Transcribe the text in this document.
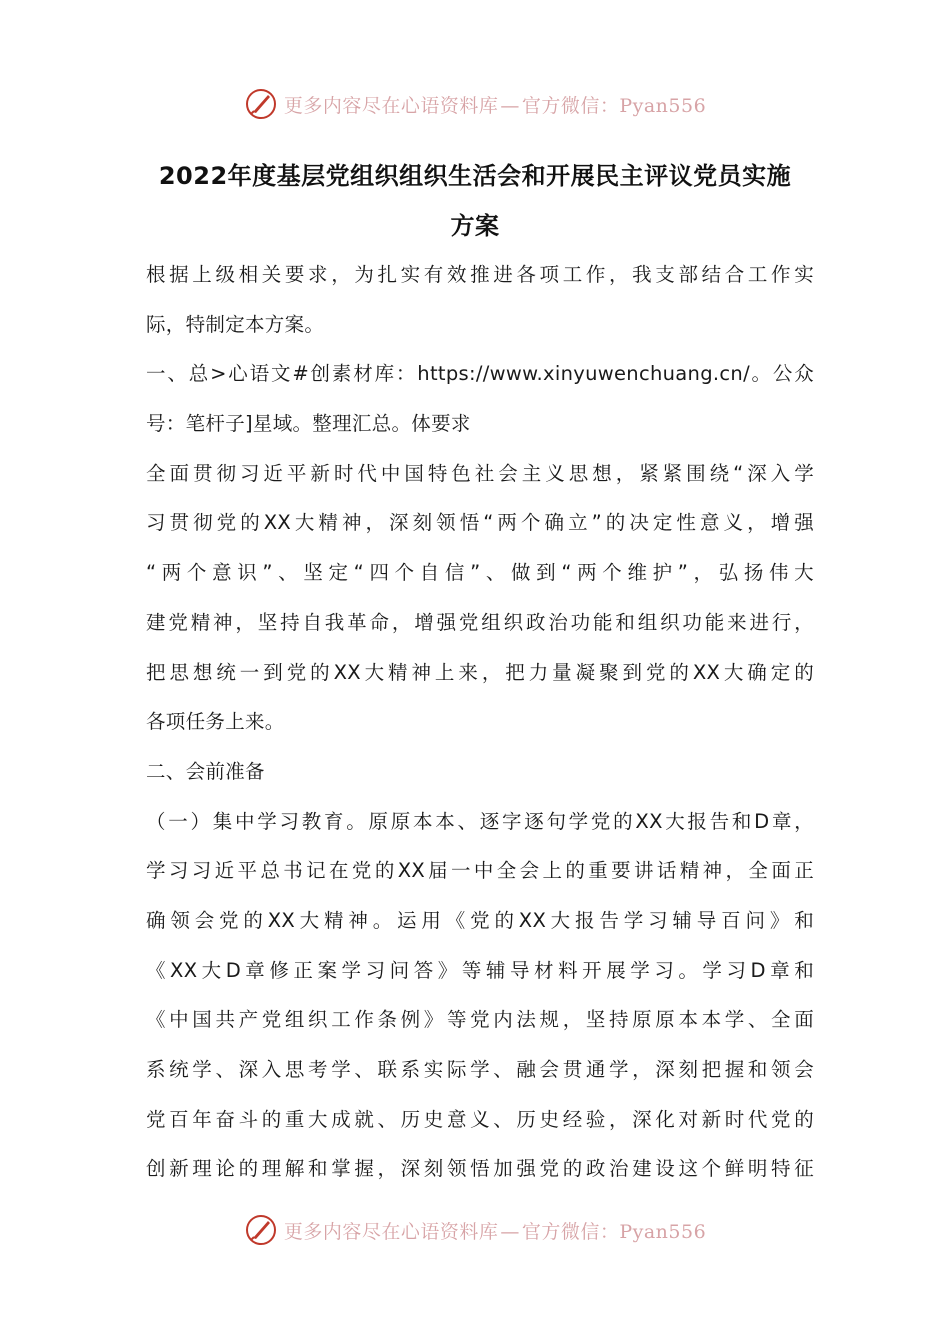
更多内容尽在心语资料库 — 官方微信：Pyan556
2022年度基层党组织组织生活会和开展民主评议党员实施
方案
根据上级相关要求，为扎实有效推进各项工作，我支部结合工作实
际，特制定本方案。
一、总>心语文#创素材库：https://www.xinyuwenchuang.cn/。公众
号：笔杆子]星域。整理汇总。体要求
全面贯彻习近平新时代中国特色社会主义思想，紧紧围绕“深入学
习贯彻党的XX大精神，深刻领悟“两个确立”的决定性意义，增强
“两个意识”、坚定“四个自信”、做到“两个维护”，弘扬伟大
建党精神，坚持自我革命，增强党组织政治功能和组织功能来进行，
把思想统一到党的XX大精神上来，把力量凝聚到党的XX大确定的
各项任务上来。
二、会前准备
（一）集中学习教育。原原本本、逐字逐句学党的XX大报告和D章，
学习习近平总书记在党的XX届一中全会上的重要讲话精神，全面正
确领会党的XX大精神。运用《党的XX大报告学习辅导百问》和
《XX大D章修正案学习问答》等辅导材料开展学习。学习D章和
《中国共产党组织工作条例》等党内法规，坚持原原本本学、全面
系统学、深入思考学、联系实际学、融会贯通学，深刻把握和领会
党百年奋斗的重大成就、历史意义、历史经验，深化对新时代党的
创新理论的理解和掌握，深刻领悟加强党的政治建设这个鲜明特征
更多内容尽在心语资料库 — 官方微信：Pyan556
